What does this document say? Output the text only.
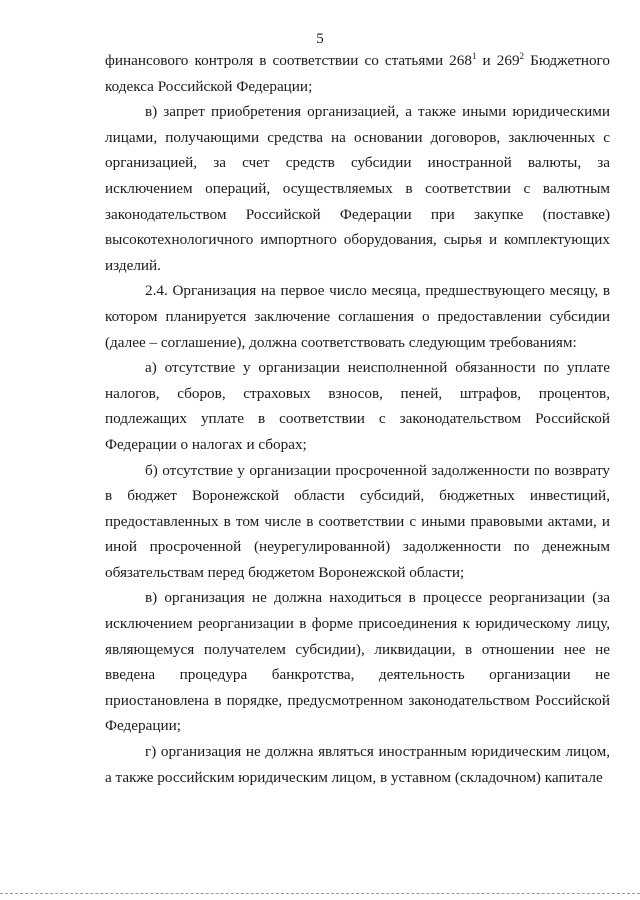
5

финансового контроля в соответствии со статьями $268^1$ и $269^2$ Бюджетного кодекса Российской Федерации;

в) запрет приобретения организацией, а также иными юридическими лицами, получающими средства на основании договоров, заключенных с организацией, за счет средств субсидии иностранной валюты, за исключением операций, осуществляемых в соответствии с валютным законодательством Российской Федерации при закупке (поставке) высокотехнологичного импортного оборудования, сырья и комплектующих изделий.

2.4. Организация на первое число месяца, предшествующего месяцу, в котором планируется заключение соглашения о предоставлении субсидии (далее – соглашение), должна соответствовать следующим требованиям:

а) отсутствие у организации неисполненной обязанности по уплате налогов, сборов, страховых взносов, пеней, штрафов, процентов, подлежащих уплате в соответствии с законодательством Российской Федерации о налогах и сборах;

б) отсутствие у организации просроченной задолженности по возврату в бюджет Воронежской области субсидий, бюджетных инвестиций, предоставленных в том числе в соответствии с иными правовыми актами, и иной просроченной (неурегулированной) задолженности по денежным обязательствам перед бюджетом Воронежской области;

в) организация не должна находиться в процессе реорганизации (за исключением реорганизации в форме присоединения к юридическому лицу, являющемуся получателем субсидии), ликвидации, в отношении нее не введена процедура банкротства, деятельность организации не приостановлена в порядке, предусмотренном законодательством Российской Федерации;

г) организация не должна являться иностранным юридическим лицом, а также российским юридическим лицом, в уставном (складочном) капитале
